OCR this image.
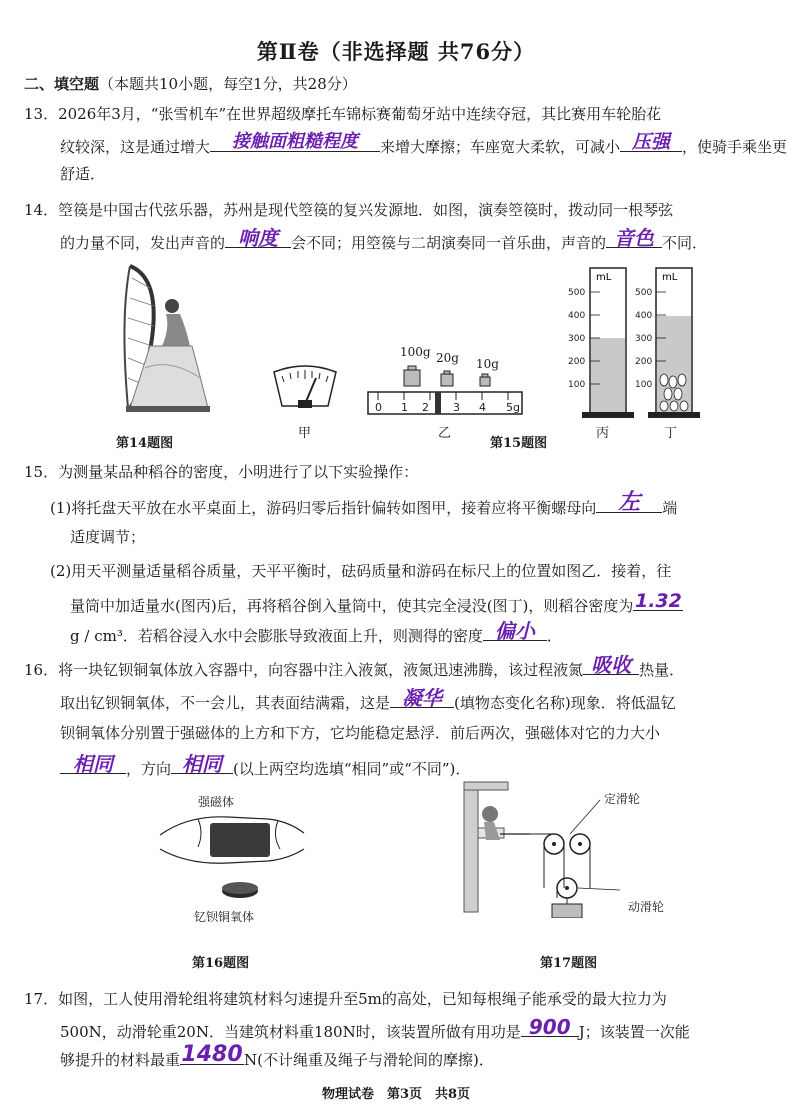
第Ⅱ卷（非选择题 共76分）
二、填空题（本题共10小题，每空1分，共28分）
13．2026年3月，“张雪机车”在世界超级摩托车锦标赛葡萄牙站中连续夺冠，其比赛用车轮胎花
纹较深，这是通过增大	接触面粗糙程度	来增大摩擦；车座宽大柔软，可减小 压强 ，使骑手乘坐更
舒适．
14．箜篌是中国古代弦乐器，苏州是现代箜篌的复兴发源地．如图，演奏箜篌时，拨动同一根琴弦
的力量不同，发出声音的 响度 会不同；用箜篌与二胡演奏同一首乐曲，声音的 音色 不同．
第14题图
甲
100g 20g 10g
0 1 2 3 4 5g
乙
第15题图
mL
500
400
300
200
100
mL
500
400
300
200
100
丙	丁
15．为测量某品种稻谷的密度，小明进行了以下实验操作：
(1)将托盘天平放在水平桌面上，游码归零后指针偏转如图甲，接着应将平衡螺母向 左	端
适度调节；
(2)用天平测量适量稻谷质量，天平平衡时，砝码质量和游码在标尺上的位置如图乙．接着，往
量筒中加适量水(图丙)后，再将稻谷倒入量筒中，使其完全浸没(图丁)，则稻谷密度为 1.32
g / cm³．若稻谷浸入水中会膨胀导致液面上升，则测得的密度 偏小 ．
16．将一块钇钡铜氧体放入容器中，向容器中注入液氮，液氮迅速沸腾，该过程液氮 吸收 热量．
取出钇钡铜氧体，不一会儿，其表面结满霜，这是 凝华 (填物态变化名称)现象．将低温钇
钡铜氧体分别置于强磁体的上方和下方，它均能稳定悬浮．前后两次，强磁体对它的力大小
相同 ，方向 相同 (以上两空均选填“相同”或“不同”)．
强磁体
钇钡铜氧体
第16题图
定滑轮
动滑轮
第17题图
17．如图，工人使用滑轮组将建筑材料匀速提升至5m的高处，已知每根绳子能承受的最大拉力为
500N，动滑轮重20N．当建筑材料重180N时，该装置所做有用功是 900 J；该装置一次能
够提升的材料最重 1480 N(不计绳重及绳子与滑轮间的摩擦)．
物理试卷　第3页　共8页
